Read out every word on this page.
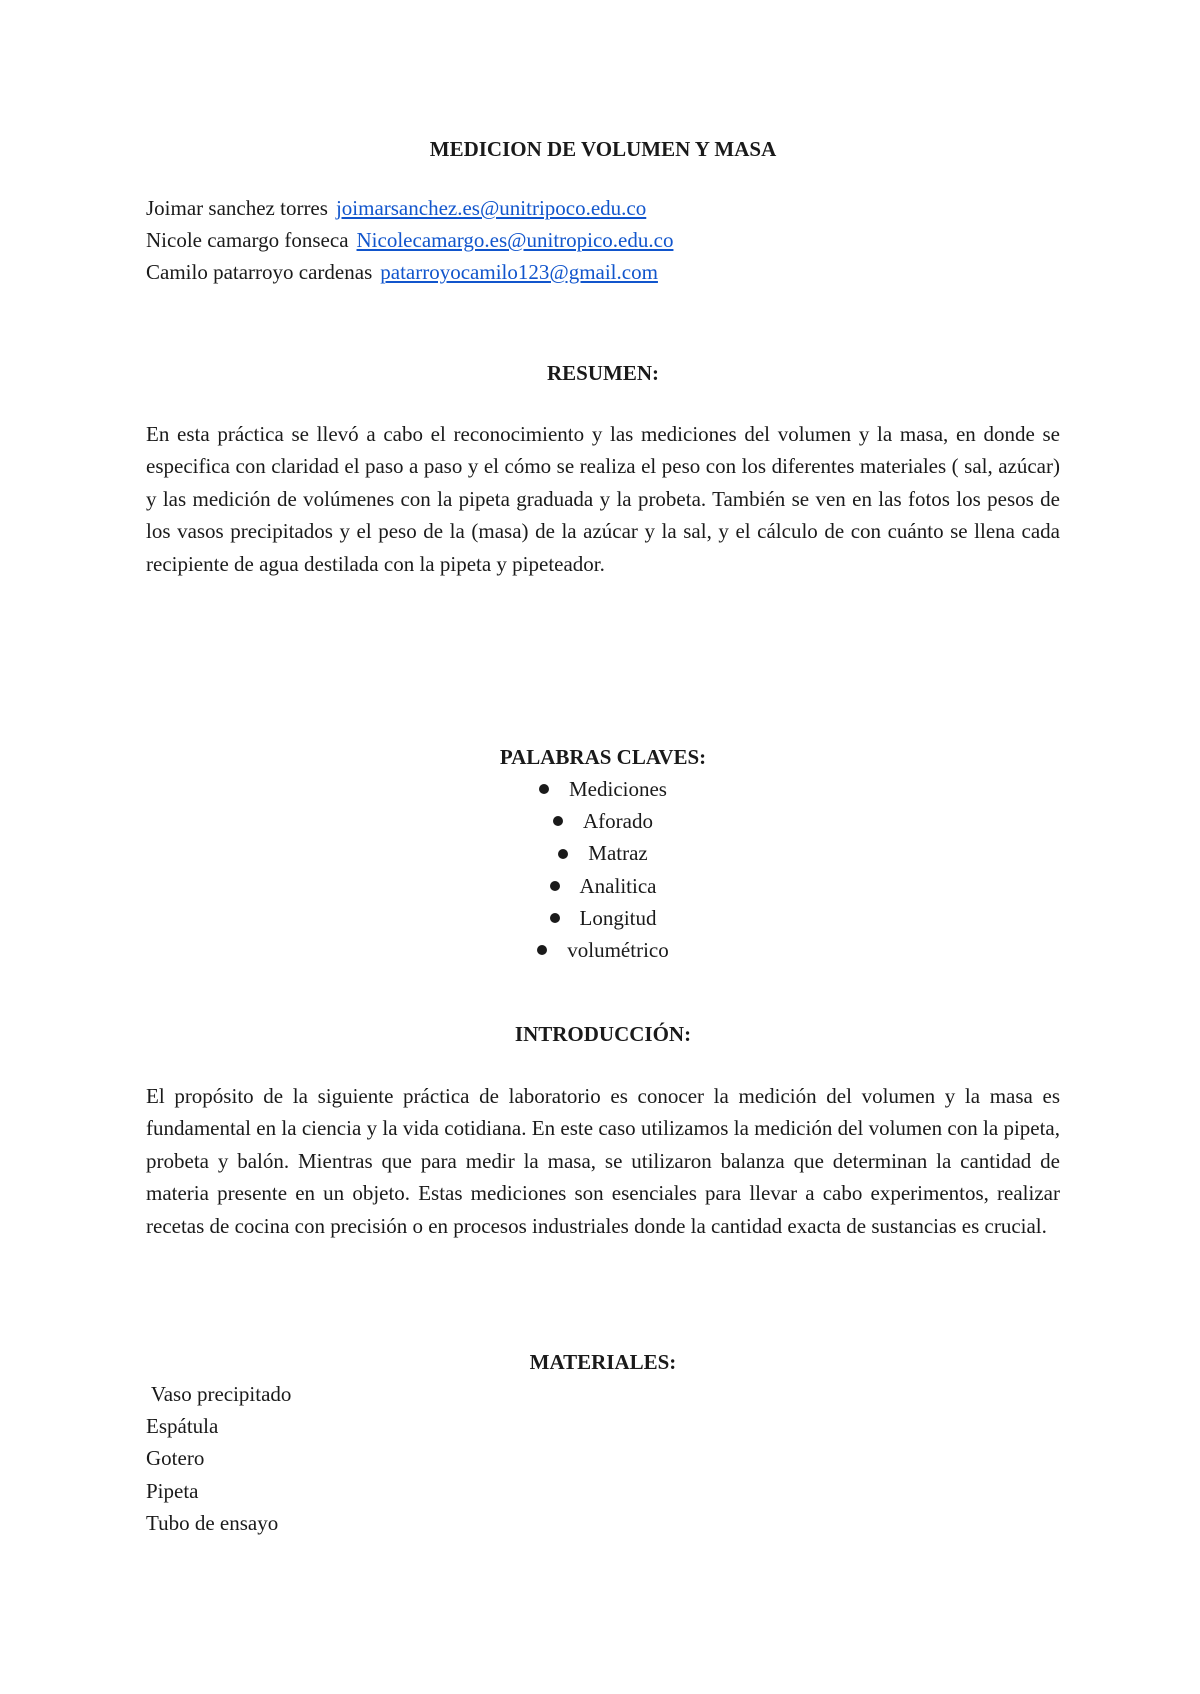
MEDICION DE VOLUMEN Y MASA
Joimar sanchez torres joimarsanchez.es@unitripoco.edu.co
Nicole camargo fonseca Nicolecamargo.es@unitropico.edu.co
Camilo patarroyo cardenas patarroyocamilo123@gmail.com
RESUMEN:

En esta práctica se llevó a cabo el reconocimiento y las mediciones del volumen y la masa, en donde se especifica con claridad el paso a paso y el cómo se realiza el peso con los diferentes materiales ( sal, azúcar) y las medición de volúmenes con la pipeta graduada y la probeta. También se ven en las fotos los pesos de los vasos precipitados y el peso de la (masa) de la azúcar y la sal, y el cálculo de con cuánto se llena cada recipiente de agua destilada con la pipeta y pipeteador.

PALABRAS CLAVES:
Mediciones
Aforado
Matraz
Analitica
Longitud
volumétrico
INTRODUCCIÓN:

El propósito de la siguiente práctica de laboratorio es conocer la medición del volumen y la masa es fundamental en la ciencia y la vida cotidiana. En este caso utilizamos la medición del volumen con la pipeta, probeta y balón. Mientras que para medir la masa, se utilizaron balanza que determinan la cantidad de materia presente en un objeto. Estas mediciones son esenciales para llevar a cabo experimentos, realizar recetas de cocina con precisión o en procesos industriales donde la cantidad exacta de sustancias es crucial.

MATERIALES:
Vaso precipitado
Espátula
Gotero
Pipeta
Tubo de ensayo
